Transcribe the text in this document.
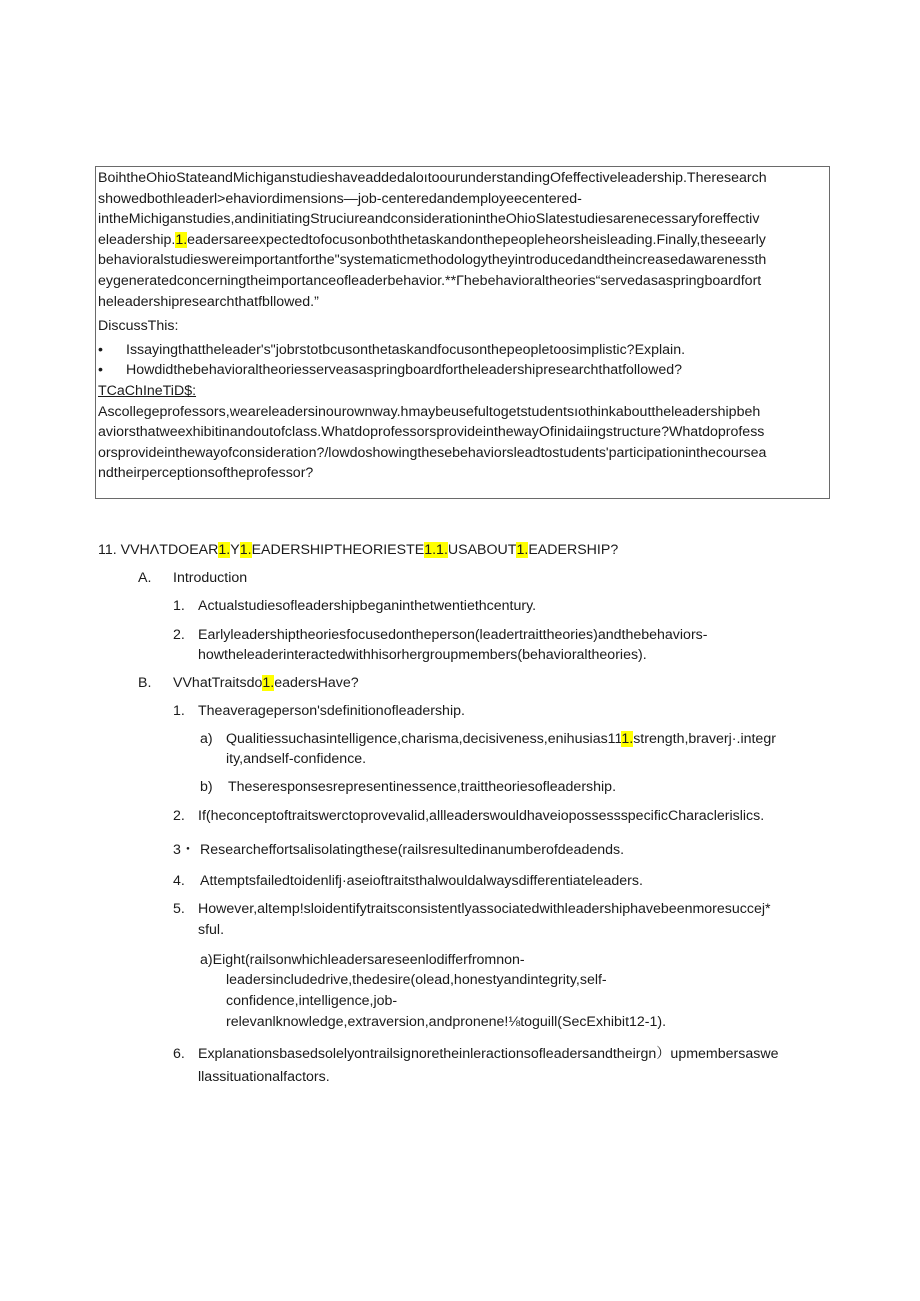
BoihtheOhioStateandMichiganstudieshaveaddedaloıtoourunderstandingOfeffectiveleadership.Theresearch

showedbothleaderl>ehaviordimensions—job-centeredandemployeecentered-

intheMichiganstudies,andinitiatingStruciureandconsiderationintheOhioSlatestudiesarenecessaryforeffectiv

eleadership.1.eadersareexpectedtofocusonboththetaskandonthepeopleheorsheisleading.Finally,theseearly

behavioralstudieswereimportantforthe"systematicmethodologytheyintroducedandtheincreasedawarenessth

eygeneratedconcerningtheimportanceofleaderbehavior.**Γhebehavioraltheories“servedasaspringboardfort

heleadershipresearchthatfbllowed.”

DiscussThis:

•	Issayingthattheleader's"jobrstotbcusonthetaskandfocusonthepeopletoosimplistic?Explain.
•	Howdidthebehavioraltheoriesserveasaspringboardfortheleadershipresearchthatfollowed?

TCaChIneTiD$:

Ascollegeprofessors,weareleadersinourownway.hmaybeusefultogetstudentsıothinkabouttheleadershipbeh

aviorsthatweexhibitinandoutofclass.WhatdoprofessorsprovideinthewayOfinidaiingstructure?Whatdoprofess

orsprovideinthewayofconsideration?/lowdoshowingthesebehaviorsleadtostudents'participationinthecoursea

ndtheirperceptionsoftheprofessor?

11. VVHΛTDOEAR1.Y1.EADERSHIPTHEORIESTE1.1.USABOUT1.EADERSHIP?
A. Introduction
1. Actualstudiesofleadershipbeganinthetwentiethcentury.
2. Earlyleadershiptheoriesfocusedontheperson(leadertraittheories)andthebehaviors-
howtheleaderinteractedwithhisorhergroupmembers(behavioraltheories).
B. VVhatTraitsdo1.eadersHave?
1. Theaverageperson'sdefinitionofleadership.
a) Qualitiessuchasintelligence,charisma,decisiveness,enihusias111.strength,braverj·.integr
ity,andself-confidence.
b) Theseresponsesrepresentinessence,traittheoriesofleadership.
2. If(heconceptoftraitswerctoprovevalid,allleaderswouldhaveiopossessspecificCharaclerislics.
3・ Researcheffortsalisolatingthese(railsresultedinanumberofdeadends.
4. Attemptsfailedtoidenlifj·aseioftraitsthalwouldalwaysdifferentiateleaders.
5. However,altemp!sloidentifytraitsconsistentlyassociatedwithleadershiphavebeenmoresuccej*
sful.
a)Eight(railsonwhichleadersareseenlodifferfromnon-
leadersincludedrive,thedesire(olead,honestyandintegrity,self-
confidence,intelligence,job-
relevanlknowledge,extraversion,andpronene!⅛toguill(SecExhibit12-1).
6. Explanationsbasedsolelyontrailsignoretheinleractionsofleadersandtheirgn）upmembersaswe
llassituationalfactors.
